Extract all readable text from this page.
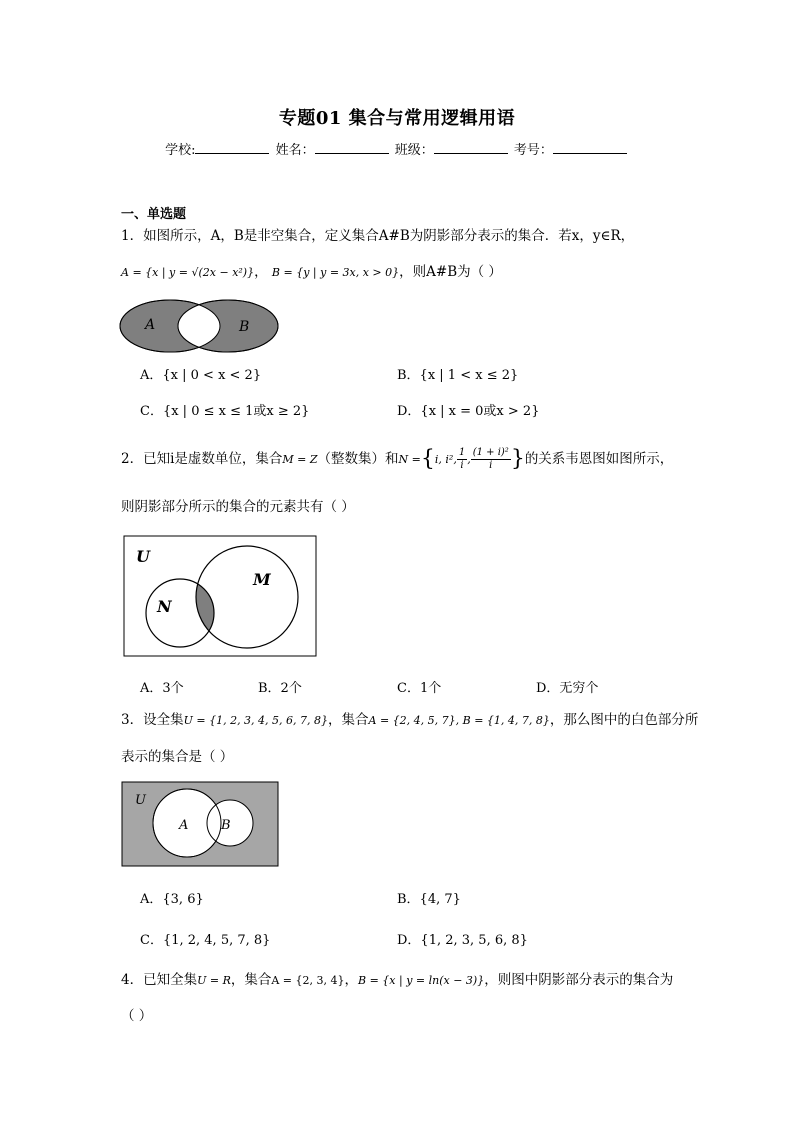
专题01 集合与常用逻辑用语
学校:	姓名：	班级：	考号：
一、单选题
1．如图所示，A，B是非空集合，定义集合A#B为阴影部分表示的集合．若x，y∈R，
A = {x | y = √(2x − x²)}， B = {y | y = 3x, x > 0}，则A#B为（ ）
A	B
A．{x | 0 < x < 2}	B．{x | 1 < x ≤ 2}
C．{x | 0 ≤ x ≤ 1或x ≥ 2}	D．{x | x = 0或x > 2}
2．已知i是虚数单位，集合M = Z（整数集）和N ={i, i², $\frac{1}{i}$ , $\frac{\text{(1 + i)²}}{i}$ }的关系韦恩图如图所示，
则阴影部分所示的集合的元素共有（ ）
U
M
N
A．3个	B．2个	C．1个	D．无穷个
3．设全集U = {1, 2, 3, 4, 5, 6, 7, 8}，集合A = {2, 4, 5, 7}, B = {1, 4, 7, 8}，那么图中的白色部分所
表示的集合是（ ）
U
A	B
A．{3, 6}	B．{4, 7}
C．{1, 2, 4, 5, 7, 8}	D．{1, 2, 3, 5, 6, 8}
4．已知全集U = R，集合A = {2, 3, 4}，B = {x | y = ln(x − 3)}，则图中阴影部分表示的集合为
（ ）
